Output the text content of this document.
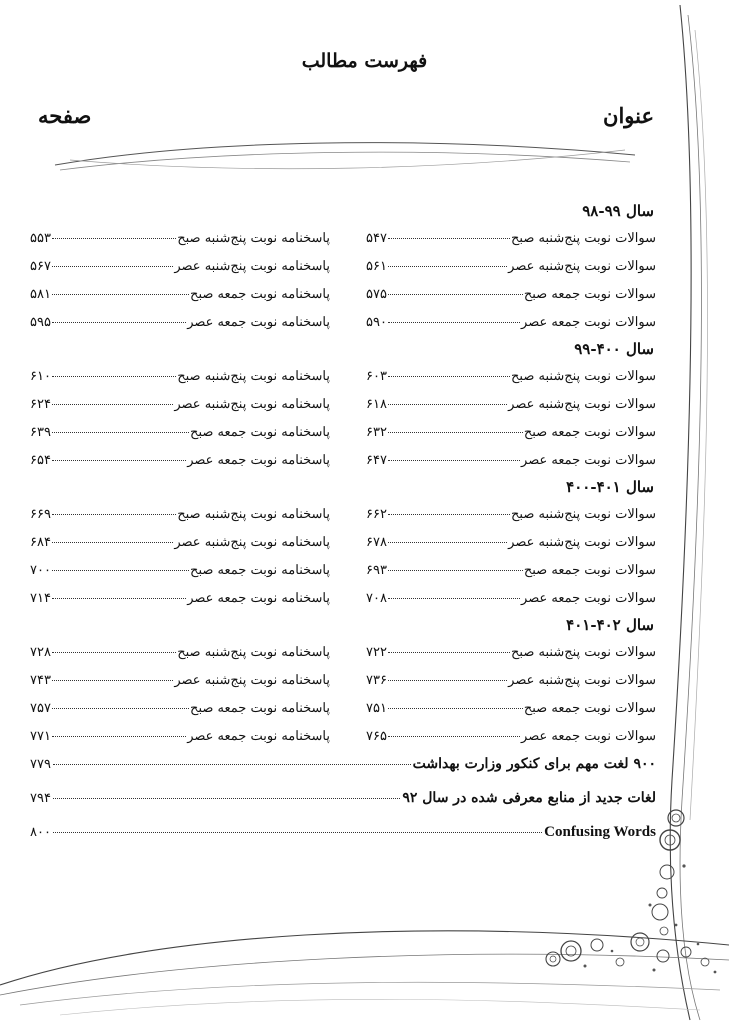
فهرست مطالب
عنوان
صفحه
سال ۹۹-۹۸
سوالات نوبت پنج‌شنبه صبح
۵۴۷
پاسخنامه نوبت پنج‌شنبه صبح
۵۵۳
سوالات نوبت پنج‌شنبه عصر
۵۶۱
پاسخنامه نوبت پنج‌شنبه عصر
۵۶۷
سوالات نوبت جمعه صبح
۵۷۵
پاسخنامه نوبت جمعه صبح
۵۸۱
سوالات نوبت جمعه عصر
۵۹۰
پاسخنامه نوبت جمعه عصر
۵۹۵
سال ۴۰۰-۹۹
سوالات نوبت پنج‌شنبه صبح
۶۰۳
پاسخنامه نوبت پنج‌شنبه صبح
۶۱۰
سوالات نوبت پنج‌شنبه عصر
۶۱۸
پاسخنامه نوبت پنج‌شنبه عصر
۶۲۴
سوالات نوبت جمعه صبح
۶۳۲
پاسخنامه نوبت جمعه صبح
۶۳۹
سوالات نوبت جمعه عصر
۶۴۷
پاسخنامه نوبت جمعه عصر
۶۵۴
سال ۴۰۱-۴۰۰
سوالات نوبت پنج‌شنبه صبح
۶۶۲
پاسخنامه نوبت پنج‌شنبه صبح
۶۶۹
سوالات نوبت پنج‌شنبه عصر
۶۷۸
پاسخنامه نوبت پنج‌شنبه عصر
۶۸۴
سوالات نوبت جمعه صبح
۶۹۳
پاسخنامه نوبت جمعه صبح
۷۰۰
سوالات نوبت جمعه عصر
۷۰۸
پاسخنامه نوبت جمعه عصر
۷۱۴
سال ۴۰۲-۴۰۱
سوالات نوبت پنج‌شنبه صبح
۷۲۲
پاسخنامه نوبت پنج‌شنبه صبح
۷۲۸
سوالات نوبت پنج‌شنبه عصر
۷۳۶
پاسخنامه نوبت پنج‌شنبه عصر
۷۴۳
سوالات نوبت جمعه صبح
۷۵۱
پاسخنامه نوبت جمعه صبح
۷۵۷
سوالات نوبت جمعه عصر
۷۶۵
پاسخنامه نوبت جمعه عصر
۷۷۱
۹۰۰ لغت مهم برای کنکور وزارت بهداشت
۷۷۹
لغات جدید از منابع معرفی شده در سال ۹۲
۷۹۴
Confusing Words
۸۰۰
